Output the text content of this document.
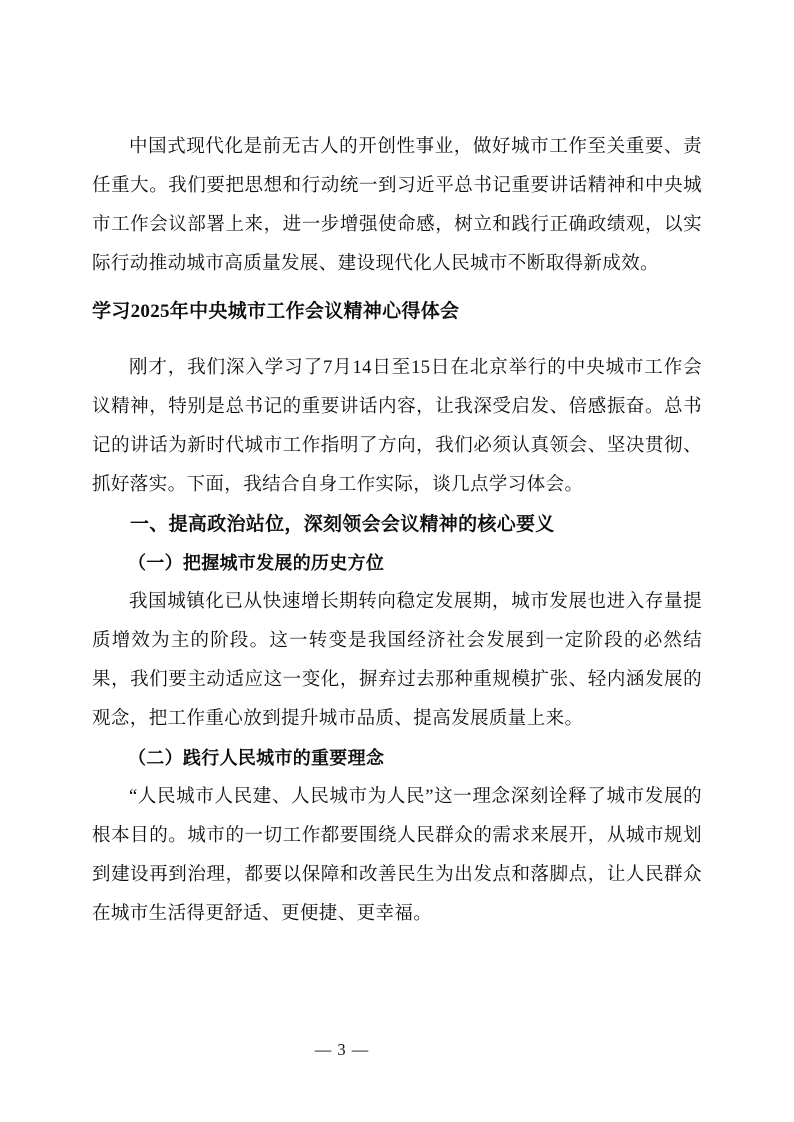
中国式现代化是前无古人的开创性事业，做好城市工作至关重要、责任重大。我们要把思想和行动统一到习近平总书记重要讲话精神和中央城市工作会议部署上来，进一步增强使命感，树立和践行正确政绩观，以实际行动推动城市高质量发展、建设现代化人民城市不断取得新成效。

学习2025年中央城市工作会议精神心得体会

刚才，我们深入学习了7月14日至15日在北京举行的中央城市工作会议精神，特别是总书记的重要讲话内容，让我深受启发、倍感振奋。总书记的讲话为新时代城市工作指明了方向，我们必须认真领会、坚决贯彻、抓好落实。下面，我结合自身工作实际，谈几点学习体会。

一、提高政治站位，深刻领会会议精神的核心要义
（一）把握城市发展的历史方位

我国城镇化已从快速增长期转向稳定发展期，城市发展也进入存量提质增效为主的阶段。这一转变是我国经济社会发展到一定阶段的必然结果，我们要主动适应这一变化，摒弃过去那种重规模扩张、轻内涵发展的观念，把工作重心放到提升城市品质、提高发展质量上来。

（二）践行人民城市的重要理念

“人民城市人民建、人民城市为人民”这一理念深刻诠释了城市发展的根本目的。城市的一切工作都要围绕人民群众的需求来展开，从城市规划到建设再到治理，都要以保障和改善民生为出发点和落脚点，让人民群众在城市生活得更舒适、更便捷、更幸福。

— 3 —
